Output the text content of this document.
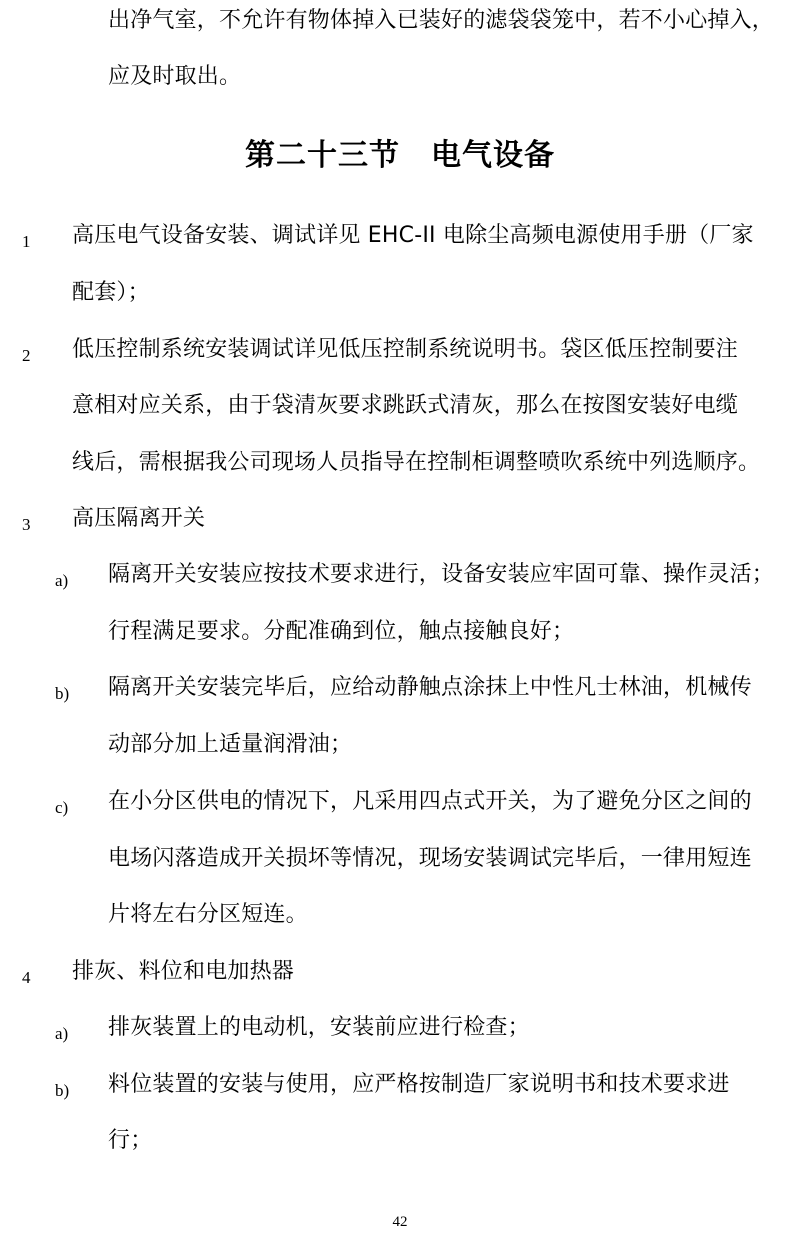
出净气室，不允许有物体掉入已装好的滤袋袋笼中，若不小心掉入，
应及时取出。
第二十三节　电气设备
1 高压电气设备安装、调试详见 EHC-II 电除尘高频电源使用手册（厂家
配套）；
2 低压控制系统安装调试详见低压控制系统说明书。袋区低压控制要注
意相对应关系，由于袋清灰要求跳跃式清灰，那么在按图安装好电缆
线后，需根据我公司现场人员指导在控制柜调整喷吹系统中列选顺序。
3 高压隔离开关
a) 隔离开关安装应按技术要求进行，设备安装应牢固可靠、操作灵活；
行程满足要求。分配准确到位，触点接触良好；
b) 隔离开关安装完毕后，应给动静触点涂抹上中性凡士林油，机械传
动部分加上适量润滑油；
c) 在小分区供电的情况下，凡采用四点式开关，为了避免分区之间的
电场闪落造成开关损坏等情况，现场安装调试完毕后，一律用短连
片将左右分区短连。
4 排灰、料位和电加热器
a) 排灰装置上的电动机，安装前应进行检查；
b) 料位装置的安装与使用，应严格按制造厂家说明书和技术要求进
行；
42
